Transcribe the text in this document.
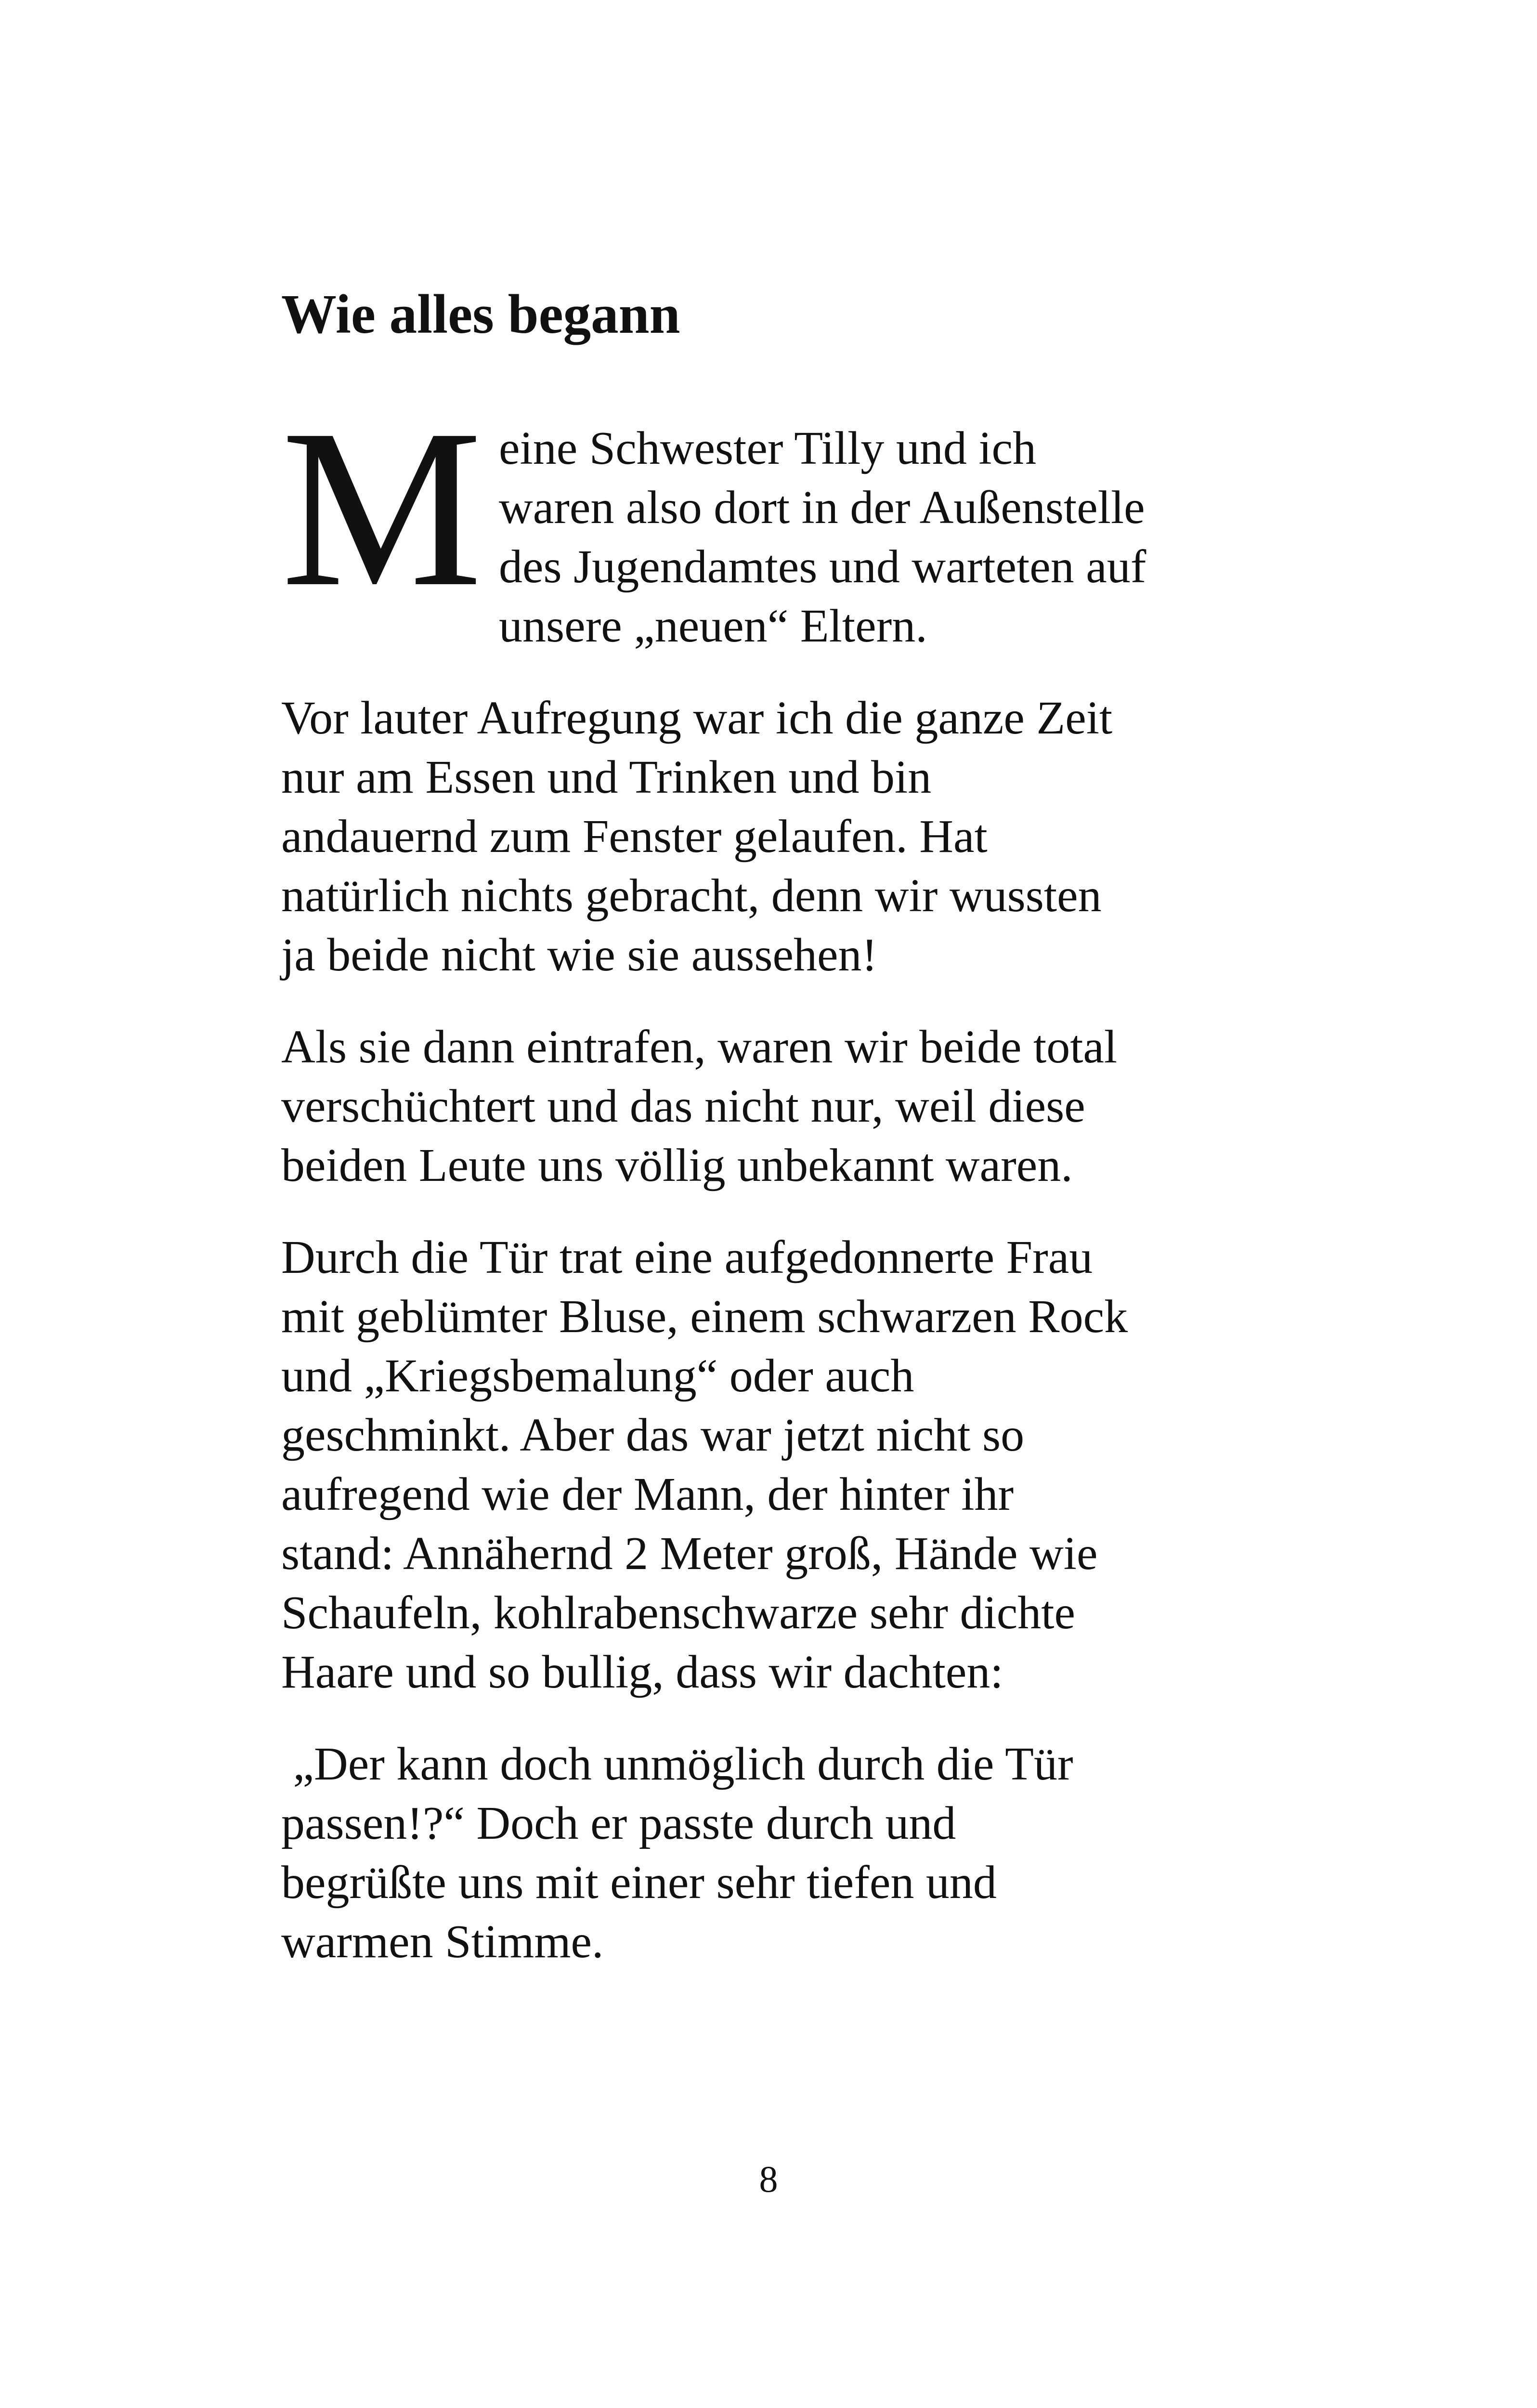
Wie alles begann
M eine Schwester Tilly und ich
waren also dort in der Außenstelle
des Jugendamtes und warteten auf
unsere „neuen“ Eltern.

Vor lauter Aufregung war ich die ganze Zeit
nur am Essen und Trinken und bin
andauernd zum Fenster gelaufen. Hat
natürlich nichts gebracht, denn wir wussten
ja beide nicht wie sie aussehen!

Als sie dann eintrafen, waren wir beide total
verschüchtert und das nicht nur, weil diese
beiden Leute uns völlig unbekannt waren.

Durch die Tür trat eine aufgedonnerte Frau
mit geblümter Bluse, einem schwarzen Rock
und „Kriegsbemalung“ oder auch
geschminkt. Aber das war jetzt nicht so
aufregend wie der Mann, der hinter ihr
stand: Annähernd 2 Meter groß, Hände wie
Schaufeln, kohlrabenschwarze sehr dichte
Haare und so bullig, dass wir dachten:

„Der kann doch unmöglich durch die Tür
passen!?“ Doch er passte durch und
begrüßte uns mit einer sehr tiefen und
warmen Stimme.

8
